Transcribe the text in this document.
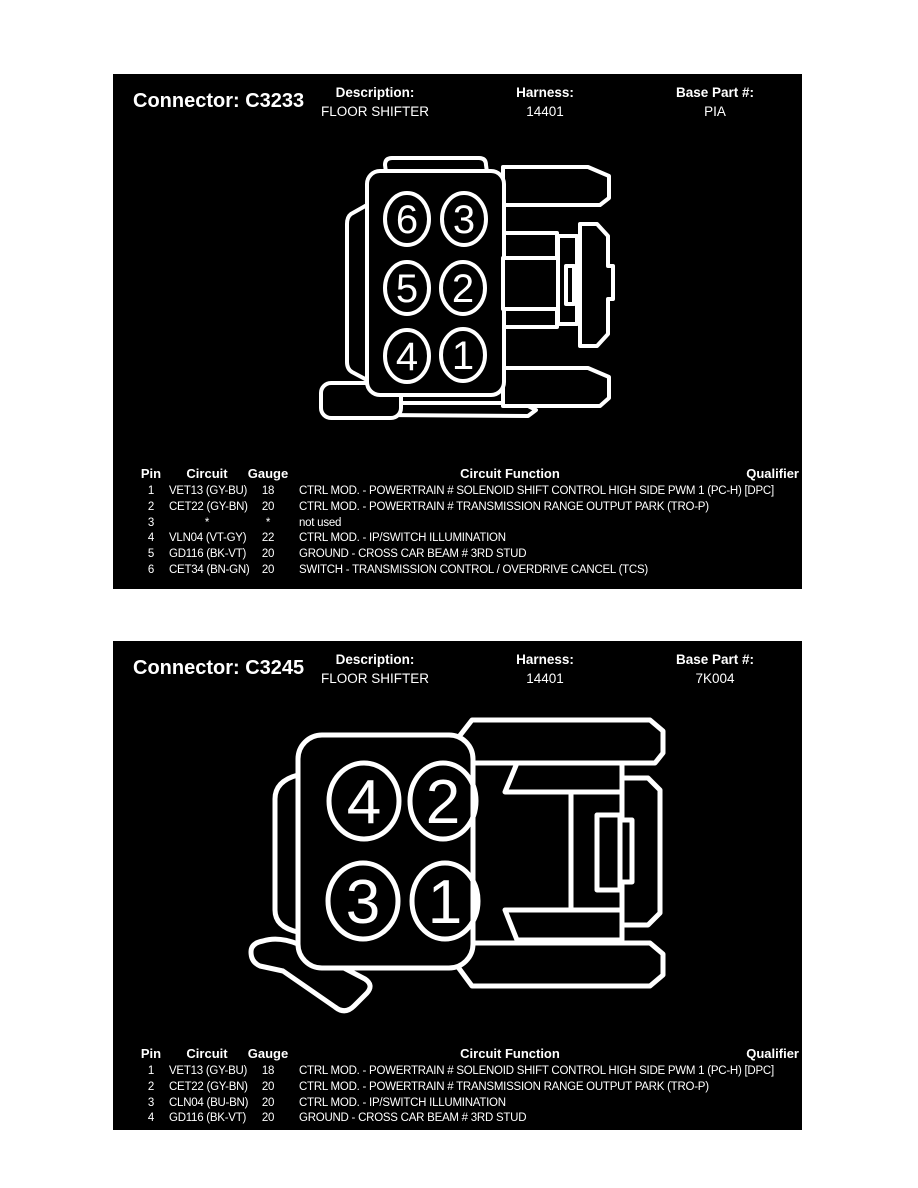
Connector: C3233	Description:
FLOOR SHIFTER
Harness:
14401
Base Part #:
PIA
6 3
5 2
4 1
Pin	Circuit	Gauge	Circuit Function	Qualifier
1	VET13 (GY-BU)	18	CTRL MOD. - POWERTRAIN # SOLENOID SHIFT CONTROL HIGH SIDE PWM 1 (PC-H) [DPC]
2	CET22 (GY-BN)	20	CTRL MOD. - POWERTRAIN # TRANSMISSION RANGE OUTPUT PARK (TRO-P)
3	*	*	not used
4	VLN04 (VT-GY)	22	CTRL MOD. - IP/SWITCH ILLUMINATION
5	GD116 (BK-VT)	20	GROUND - CROSS CAR BEAM # 3RD STUD
6	CET34 (BN-GN)	20	SWITCH - TRANSMISSION CONTROL / OVERDRIVE CANCEL (TCS)
Connector: C3245	Description:
FLOOR SHIFTER
Harness:
14401
Base Part #:
7K004
4 2
3 1
Pin	Circuit	Gauge	Circuit Function	Qualifier
1	VET13 (GY-BU)	18	CTRL MOD. - POWERTRAIN # SOLENOID SHIFT CONTROL HIGH SIDE PWM 1 (PC-H) [DPC]
2	CET22 (GY-BN)	20	CTRL MOD. - POWERTRAIN # TRANSMISSION RANGE OUTPUT PARK (TRO-P)
3	CLN04 (BU-BN)	20	CTRL MOD. - IP/SWITCH ILLUMINATION
4	GD116 (BK-VT)	20	GROUND - CROSS CAR BEAM # 3RD STUD
